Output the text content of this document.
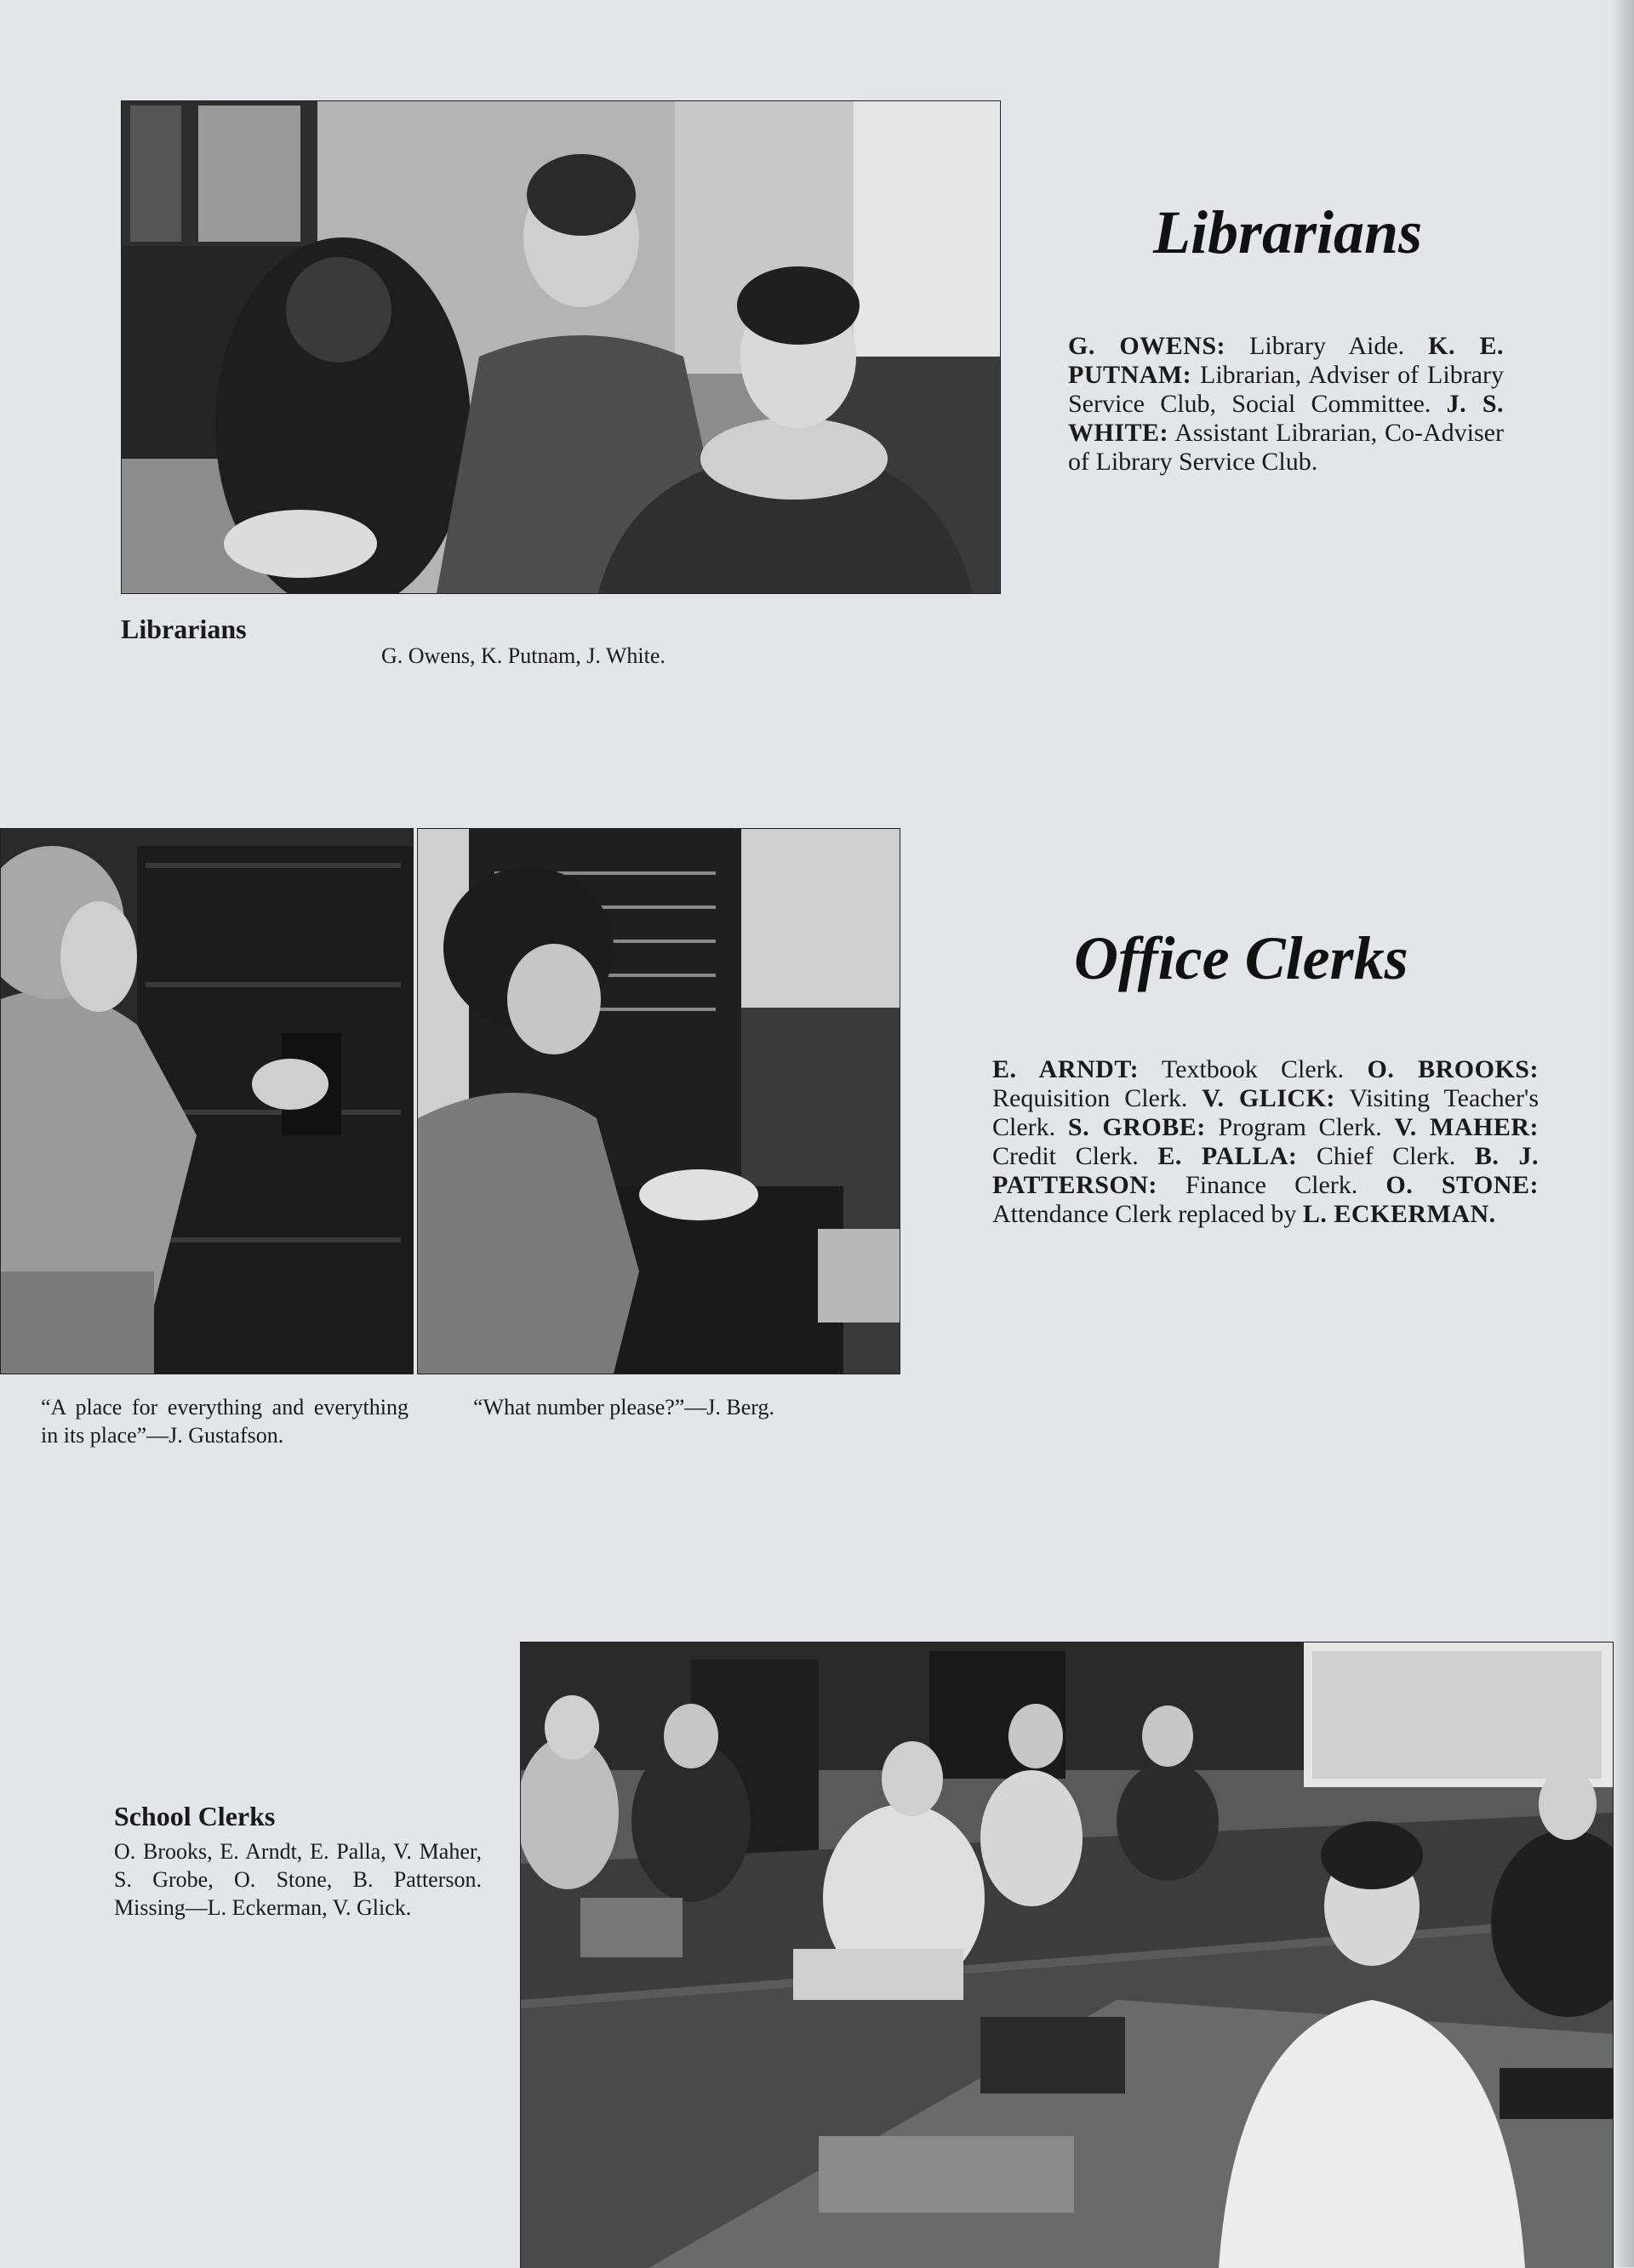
Librarians

G. OWENS: Library Aide. K. E. PUTNAM: Librarian, Adviser of Library Service Club, Social Committee. J. S. WHITE: Assistant Librarian, Co-Adviser of Library Service Club.

Librarians

G. Owens, K. Putnam, J. White.

Office Clerks

E. ARNDT: Textbook Clerk. O. BROOKS: Requisition Clerk. V. GLICK: Visiting Teacher's Clerk. S. GROBE: Program Clerk. V. MAHER: Credit Clerk. E. PALLA: Chief Clerk. B. J. PATTERSON: Finance Clerk. O. STONE: Attendance Clerk replaced by L. ECKERMAN.

“A place for everything and everything in its place”—J. Gustafson.

“What number please?”—J. Berg.

School Clerks

O. Brooks, E. Arndt, E. Palla, V. Maher, S. Grobe, O. Stone, B. Patterson. Missing—L. Eckerman, V. Glick.
